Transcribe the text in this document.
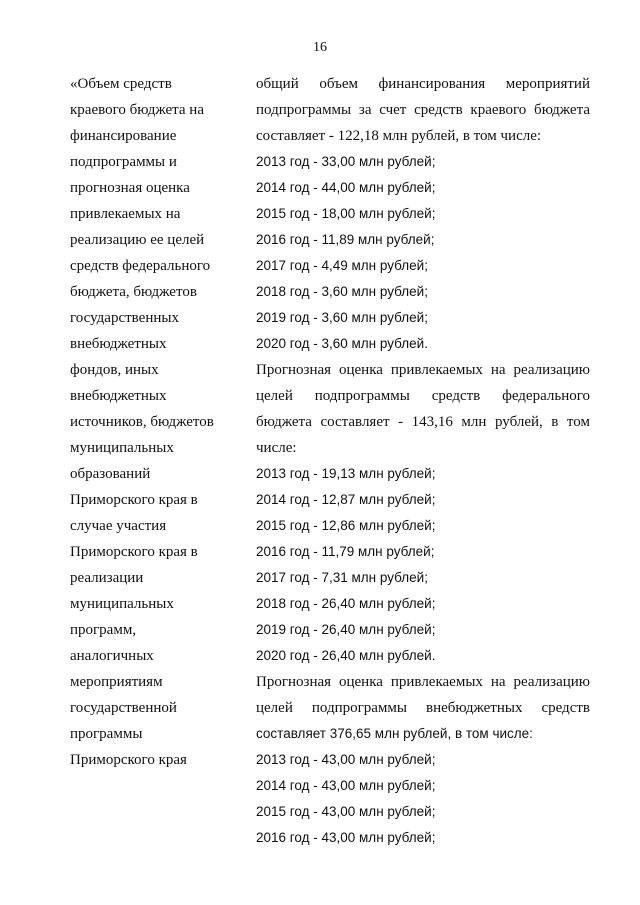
16
«Объем средств
краевого бюджета на
финансирование
подпрограммы и
прогнозная оценка
привлекаемых на
реализацию ее целей
средств федерального
бюджета, бюджетов
государственных
внебюджетных
фондов, иных
внебюджетных
источников, бюджетов
муниципальных
образований
Приморского края в
случае участия
Приморского края в
реализации
муниципальных
программ,
аналогичных
мероприятиям
государственной
программы
Приморского края
общий объем финансирования мероприятий
подпрограммы за счет средств краевого бюджета
составляет - 122,18 млн рублей, в том числе:
2013 год - 33,00 млн рублей;
2014 год - 44,00 млн рублей;
2015 год - 18,00 млн рублей;
2016 год - 11,89 млн рублей;
2017 год - 4,49 млн рублей;
2018 год - 3,60 млн рублей;
2019 год - 3,60 млн рублей;
2020 год - 3,60 млн рублей.
Прогнозная оценка привлекаемых на реализацию
целей подпрограммы средств федерального
бюджета составляет - 143,16 млн рублей, в том
числе:
2013 год - 19,13 млн рублей;
2014 год - 12,87 млн рублей;
2015 год - 12,86 млн рублей;
2016 год - 11,79 млн рублей;
2017 год - 7,31 млн рублей;
2018 год - 26,40 млн рублей;
2019 год - 26,40 млн рублей;
2020 год - 26,40 млн рублей.
Прогнозная оценка привлекаемых на реализацию
целей подпрограммы внебюджетных средств
составляет 376,65 млн рублей, в том числе:
2013 год - 43,00 млн рублей;
2014 год - 43,00 млн рублей;
2015 год - 43,00 млн рублей;
2016 год - 43,00 млн рублей;
